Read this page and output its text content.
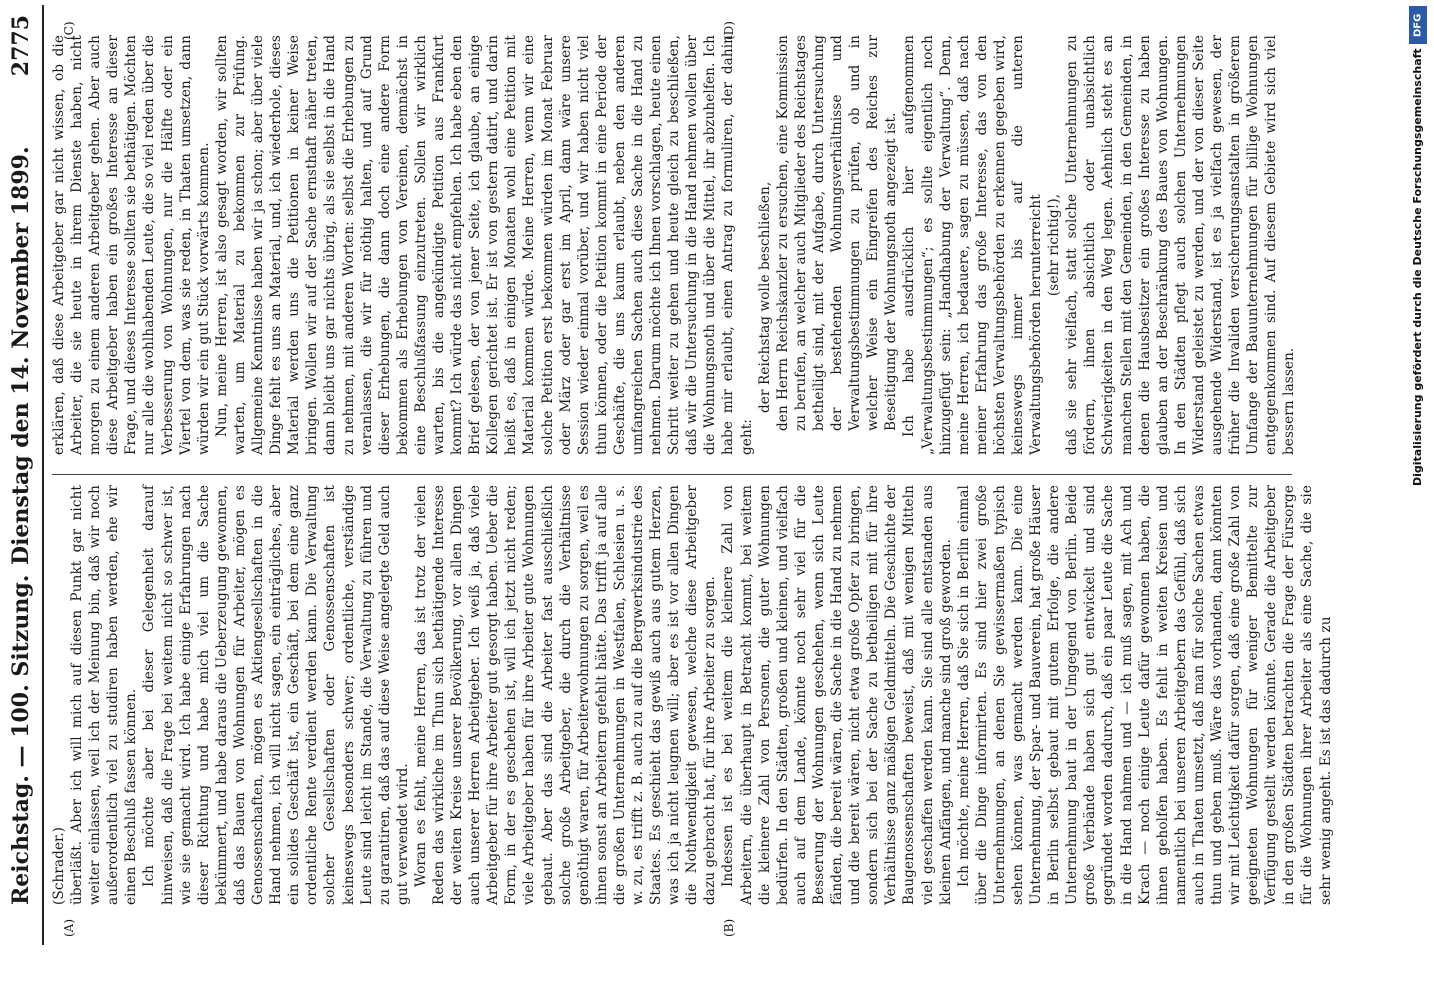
Reichstag. — 100. Sitzung.
Dienstag den 14. November 1899.
2775
(A)	(B)
(C)	(D)

(Schrader.) überläßt. Aber ich will mich auf diesen Punkt gar nicht weiter einlassen, weil ich der Meinung bin, daß wir noch außerordentlich viel zu studiren haben werden, ehe wir einen Beschluß fassen können. Ich möchte aber bei dieser Gelegenheit darauf hinweisen, daß die Frage bei weitem nicht so schwer ist, wie sie gemacht wird. Ich habe einige Erfahrungen nach dieser Richtung und habe mich viel um die Sache bekümmert, und habe daraus die Ueberzeugung gewonnen, daß das Bauen von Wohnungen für Arbeiter, mögen es Genossenschaften, mögen es Aktiengesellschaften in die Hand nehmen, ich will nicht sagen, ein einträgliches, aber ein solides Geschäft ist, ein Geschäft, bei dem eine ganz ordentliche Rente verdient werden kann. Die Verwaltung solcher Gesellschaften oder Genossenschaften ist keineswegs besonders schwer; ordentliche, verständige Leute sind leicht im Stande, die Verwaltung zu führen und zu garantiren, daß das auf diese Weise angelegte Geld auch gut verwendet wird. Woran es fehlt, meine Herren, das ist trotz der vielen Reden das wirkliche im Thun sich bethätigende Interesse der weiten Kreise unserer Bevölkerung, vor allen Dingen auch unserer Herren Arbeitgeber. Ich weiß ja, daß viele Arbeitgeber für ihre Arbeiter gut gesorgt haben. Ueber die Form, in der es geschehen ist, will ich jetzt nicht reden; viele Arbeitgeber haben für ihre Arbeiter gute Wohnungen gebaut. Aber das sind die Arbeiter fast ausschließlich solche große Arbeitgeber, die durch die Verhältnisse genöthigt waren, für Arbeiterwohnungen zu sorgen, weil es ihnen sonst an Arbeitern gefehlt hätte. Das trifft ja auf alle die großen Unternehmungen in Westfalen, Schlesien u. s. w. zu, es trifft z. B. auch zu auf die Bergwerksindustrie des Staates. Es geschieht das gewiß auch aus gutem Herzen, was ich ja nicht leugnen will; aber es ist vor allen Dingen die Nothwendigkeit gewesen, welche diese Arbeitgeber dazu gebracht hat, für ihre Arbeiter zu sorgen. Indessen ist es bei weitem die kleinere Zahl von Arbeitern, die überhaupt in Betracht kommt, bei weitem die kleinere Zahl von Personen, die guter Wohnungen bedürfen. In den Städten, großen und kleinen, und vielfach auch auf dem Lande, könnte noch sehr viel für die Besserung der Wohnungen geschehen, wenn sich Leute fänden, die bereit wären, die Sache in die Hand zu nehmen und die bereit wären, nicht etwa große Opfer zu bringen, sondern sich bei der Sache zu betheiligen mit für ihre Verhältnisse ganz mäßigen Geldmitteln. Die Geschichte der Baugenossenschaften beweist, daß mit wenigen Mitteln viel geschaffen werden kann. Sie sind alle entstanden aus kleinen Anfängen, und manche sind groß geworden. Ich möchte, meine Herren, daß Sie sich in Berlin einmal über die Dinge informirten. Es sind hier zwei große Unternehmungen, an denen Sie gewissermaßen typisch sehen können, was gemacht werden kann. Die eine Unternehmung, der Spar- und Bauverein, hat große Häuser in Berlin selbst gebaut mit gutem Erfolge, die andere Unternehmung baut in der Umgegend von Berlin. Beide große Verbände haben sich gut entwickelt und sind gegründet worden dadurch, daß ein paar Leute die Sache in die Hand nahmen und — ich muß sagen, mit Ach und Krach — noch einige Leute dafür gewonnen haben, die ihnen geholfen haben. Es fehlt in weiten Kreisen und namentlich bei unseren Arbeitgebern das Gefühl, daß sich auch in Thaten umsetzt, daß man für solche Sachen etwas thun und geben muß. Wäre das vorhanden, dann könnten wir mit Leichtigkeit dafür sorgen, daß eine große Zahl von geeigneten Wohnungen für weniger Bemittelte zur Verfügung gestellt werden könnte. Gerade die Arbeitgeber in den großen Städten betrachten die Frage der Fürsorge für die Wohnungen ihrer Arbeiter als eine Sache, die sie sehr wenig angeht. Es ist das dadurch zu

erklären, daß diese Arbeitgeber gar nicht wissen, ob die Arbeiter, die sie heute in ihrem Dienste haben, nicht morgen zu einem anderen Arbeitgeber gehen. Aber auch diese Arbeitgeber haben ein großes Interesse an dieser Frage, und dieses Interesse sollten sie bethätigen. Möchten nur alle die wohlhabenden Leute, die so viel reden über die Verbesserung von Wohnungen, nur die Hälfte oder ein Viertel von dem, was sie reden, in Thaten umsetzen, dann würden wir ein gut Stück vorwärts kommen. Nun, meine Herren, ist also gesagt worden, wir sollten warten, um Material zu bekommen zur Prüfung. Allgemeine Kenntnisse haben wir ja schon; aber über viele Dinge fehlt es uns an Material, und, ich wiederhole, dieses Material werden uns die Petitionen in keiner Weise bringen. Wollen wir auf der Sache ernsthaft näher treten, dann bleibt uns gar nichts übrig, als sie selbst in die Hand zu nehmen, mit anderen Worten: selbst die Erhebungen zu veranlassen, die wir für nöthig halten, und auf Grund dieser Erhebungen, die dann doch eine andere Form bekommen als Erhebungen von Vereinen, demnächst in eine Beschlußfassung einzutreten. Sollen wir wirklich warten, bis die angekündigte Petition aus Frankfurt kommt? Ich würde das nicht empfehlen. Ich habe eben den Brief gelesen, der von jener Seite, ich glaube, an einige Kollegen gerichtet ist. Er ist von gestern datirt, und darin heißt es, daß in einigen Monaten wohl eine Petition mit Material kommen würde. Meine Herren, wenn wir eine solche Petition erst bekommen würden im Monat Februar oder März oder gar erst im April, dann wäre unsere Session wieder einmal vorüber, und wir haben nicht viel thun können, oder die Petition kommt in eine Periode der Geschäfte, die uns kaum erlaubt, neben den anderen umfangreichen Sachen auch diese Sache in die Hand zu nehmen. Darum möchte ich Ihnen vorschlagen, heute einen Schritt weiter zu gehen und heute gleich zu beschließen, daß wir die Untersuchung in die Hand nehmen wollen über die Wohnungsnoth und über die Mittel, ihr abzuhelfen. Ich habe mir erlaubt, einen Antrag zu formuliren, der dahin geht:

der Reichstag wolle beschließen, den Herrn Reichskanzler zu ersuchen, eine Kommission zu berufen, an welcher auch Mitglieder des Reichstages betheiligt sind, mit der Aufgabe, durch Untersuchung der bestehenden Wohnungsverhältnisse und Verwaltungsbestimmungen zu prüfen, ob und in welcher Weise ein Eingreifen des Reiches zur Beseitigung der Wohnungsnoth angezeigt ist. Ich habe ausdrücklich hier aufgenommen „Verwaltungsbestimmungen“; es sollte eigentlich noch hinzugefügt sein: „Handhabung der Verwaltung“. Denn, meine Herren, ich bedauere, sagen zu müssen, daß nach meiner Erfahrung das große Interesse, das von den höchsten Verwaltungsbehörden zu erkennen gegeben wird, keineswegs immer bis auf die unteren Verwaltungsbehörden herunterreicht (sehr richtig!), daß sie sehr vielfach, statt solche Unternehmungen zu fördern, ihnen absichtlich oder unabsichtlich Schwierigkeiten in den Weg legen. Aehnlich steht es an manchen Stellen mit den Gemeinden, in den Gemeinden, in denen die Hausbesitzer ein großes Interesse zu haben glauben an der Beschränkung des Baues von Wohnungen. In den Städten pflegt auch solchen Unternehmungen Widerstand geleistet zu werden, und der von dieser Seite ausgehende Widerstand, ist es ja vielfach gewesen, der früher die Invaliden versicherungsanstalten in größerem Umfange der Bauunternehmungen für billige Wohnungen entgegenkommen sind. Auf diesem Gebiete wird sich viel bessern lassen.

DFG
Digitalisierung gefördert durch die Deutsche Forschungsgemeinschaft
